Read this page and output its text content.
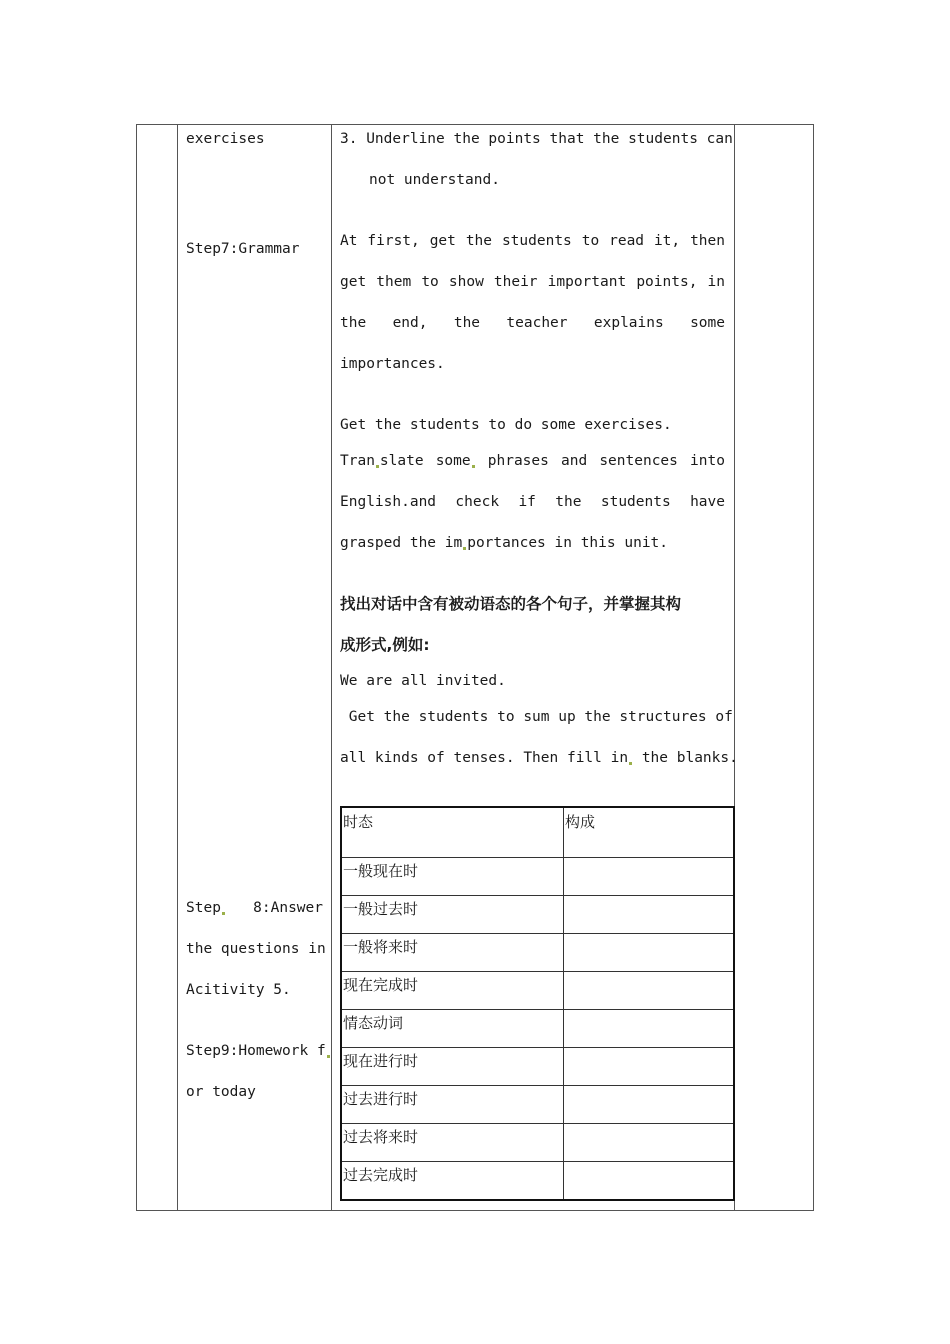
exercises
Step7:Grammar
Step	8:Answer
the questions in
Acitivity 5.
Step9:Homework f
or today
3. Underline the points that the students can
not understand.
At first, get the students to read it, then
get them to show their important points, in
the end, the teacher explains some
importances.
Get the students to do some exercises.
Tran slate some	phrases and sentences into
English.and check if the students have
grasped the im portances in this unit.
找出对话中含有被动语态的各个句子，并掌握其构
成形式,例如:
We are all invited.
Get the students to sum up the structures of
all kinds of tenses. Then fill in the blanks.
时态	构成
一般现在时	
一般过去时	
一般将来时	
现在完成时	
情态动词	
现在进行时	
过去进行时	
过去将来时	
过去完成时	
